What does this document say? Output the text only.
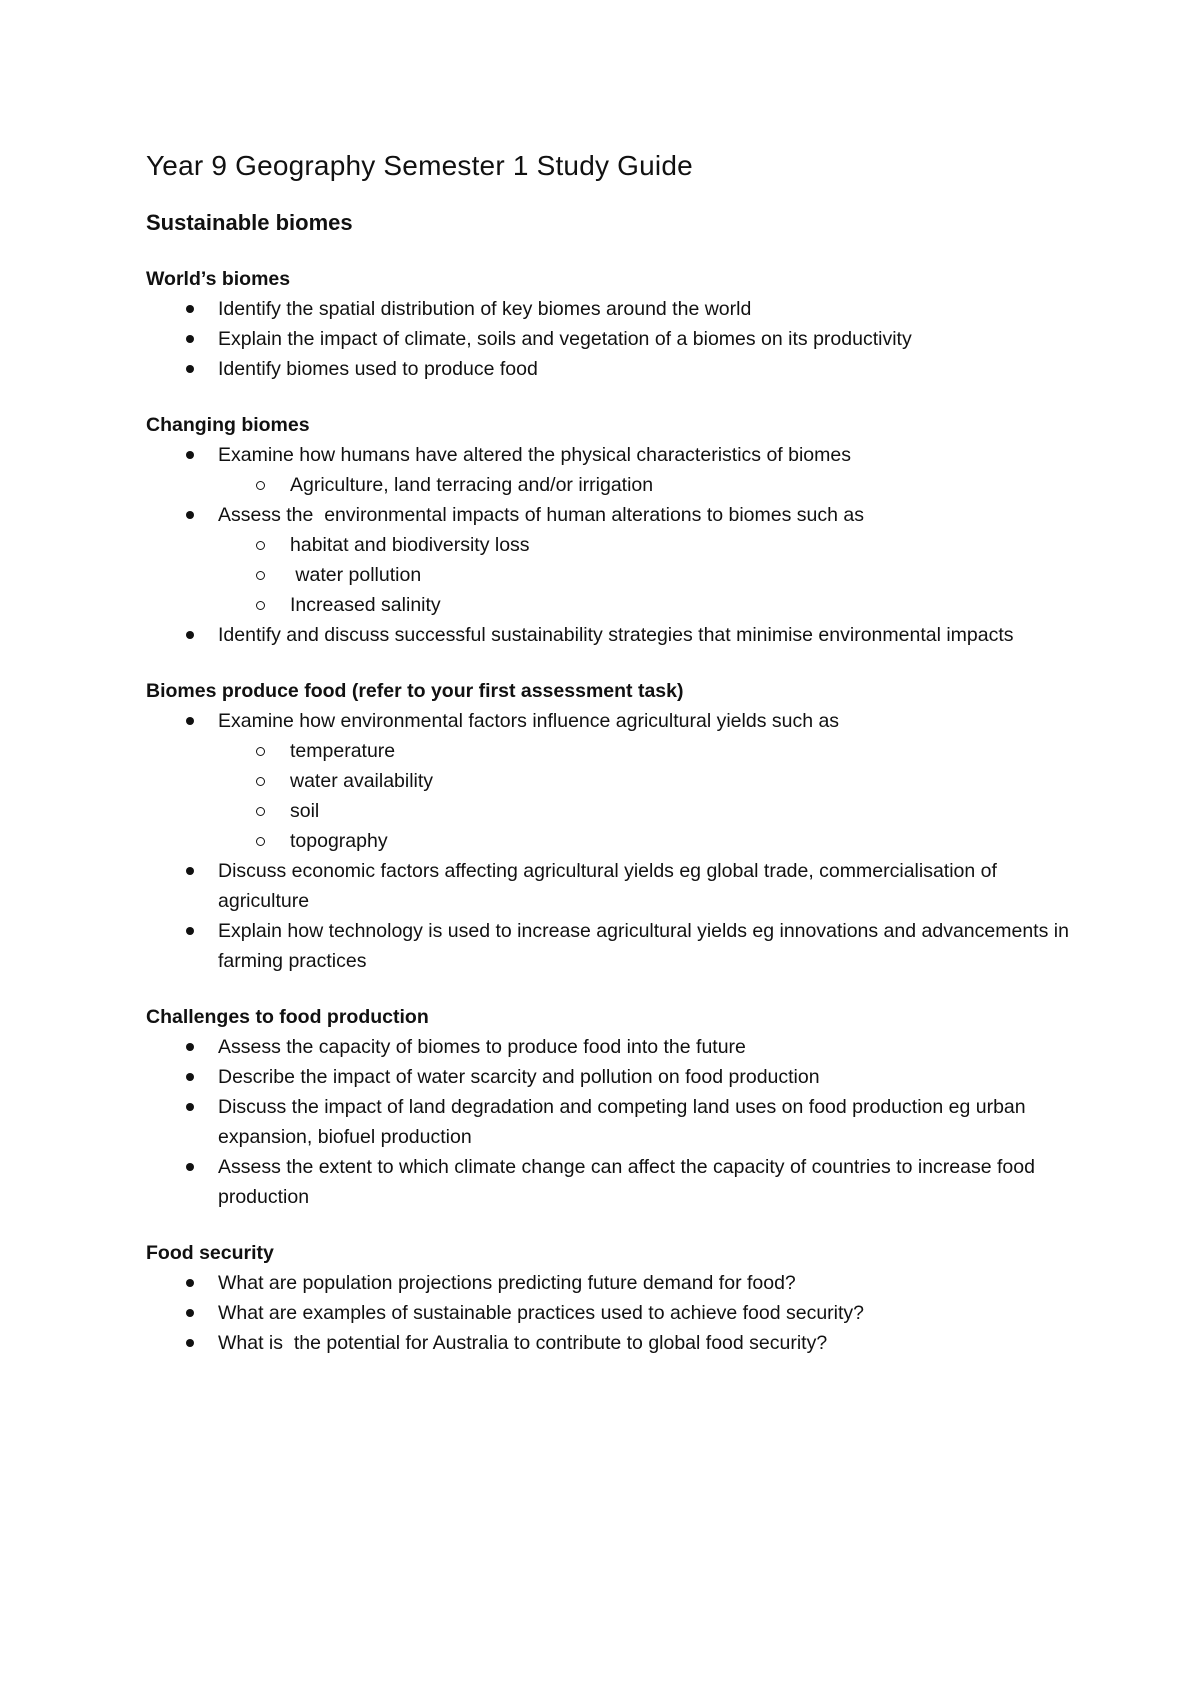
Year 9 Geography Semester 1 Study Guide
Sustainable biomes
World’s biomes
Identify the spatial distribution of key biomes around the world
Explain the impact of climate, soils and vegetation of a biomes on its productivity
Identify biomes used to produce food
Changing biomes
Examine how humans have altered the physical characteristics of biomes
Agriculture, land terracing and/or irrigation
Assess the  environmental impacts of human alterations to biomes such as
habitat and biodiversity loss
water pollution
Increased salinity
Identify and discuss successful sustainability strategies that minimise environmental impacts
Biomes produce food (refer to your first assessment task)
Examine how environmental factors influence agricultural yields such as
temperature
water availability
soil
topography
Discuss economic factors affecting agricultural yields eg global trade, commercialisation of agriculture
Explain how technology is used to increase agricultural yields eg innovations and advancements in farming practices
Challenges to food production
Assess the capacity of biomes to produce food into the future
Describe the impact of water scarcity and pollution on food production
Discuss the impact of land degradation and competing land uses on food production eg urban expansion, biofuel production
Assess the extent to which climate change can affect the capacity of countries to increase food production
Food security
What are population projections predicting future demand for food?
What are examples of sustainable practices used to achieve food security?
What is  the potential for Australia to contribute to global food security?
